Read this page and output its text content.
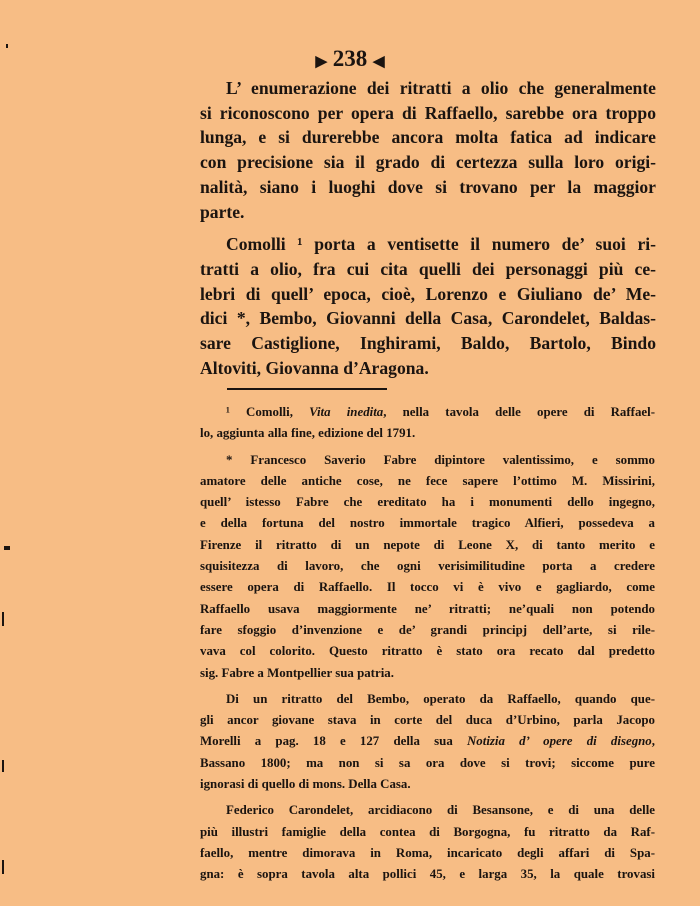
▶ 238 ◀
L’ enumerazione dei ritratti a olio che generalmente
si riconoscono per opera di Raffaello, sarebbe ora troppo
lunga, e si durerebbe ancora molta fatica ad indicare
con precisione sia il grado di certezza sulla loro origi-
nalità, siano i luoghi dove si trovano per la maggior
parte.
Comolli ¹ porta a ventisette il numero de’ suoi ri-
tratti a olio, fra cui cita quelli dei personaggi più ce-
lebri di quell’ epoca, cioè, Lorenzo e Giuliano de’ Me-
dici *, Bembo, Giovanni della Casa, Carondelet, Baldas-
sare Castiglione, Inghirami, Baldo, Bartolo, Bindo
Altoviti, Giovanna d’Aragona.
¹ Comolli, Vita inedita, nella tavola delle opere di Raffael-
lo, aggiunta alla fine, edizione del 1791.
* Francesco Saverio Fabre dipintore valentissimo, e sommo
amatore delle antiche cose, ne fece sapere l’ottimo M. Missirini,
quell’ istesso Fabre che ereditato ha i monumenti dello ingegno,
e della fortuna del nostro immortale tragico Alfieri, possedeva a
Firenze il ritratto di un nepote di Leone X, di tanto merito e
squisitezza di lavoro, che ogni verisimilitudine porta a credere
essere opera di Raffaello. Il tocco vi è vivo e gagliardo, come
Raffaello usava maggiormente ne’ ritratti; ne’quali non potendo
fare sfoggio d’invenzione e de’ grandi principj dell’arte, si rile-
vava col colorito. Questo ritratto è stato ora recato dal predetto
sig. Fabre a Montpellier sua patria.
Di un ritratto del Bembo, operato da Raffaello, quando que-
gli ancor giovane stava in corte del duca d’Urbino, parla Jacopo
Morelli a pag. 18 e 127 della sua Notizia d’ opere di disegno,
Bassano 1800; ma non si sa ora dove si trovi; siccome pure
ignorasi di quello di mons. Della Casa.
Federico Carondelet, arcidiacono di Besansone, e di una delle
più illustri famiglie della contea di Borgogna, fu ritratto da Raf-
faello, mentre dimorava in Roma, incaricato degli affari di Spa-
gna: è sopra tavola alta pollici 45, e larga 35, la quale trovasi
